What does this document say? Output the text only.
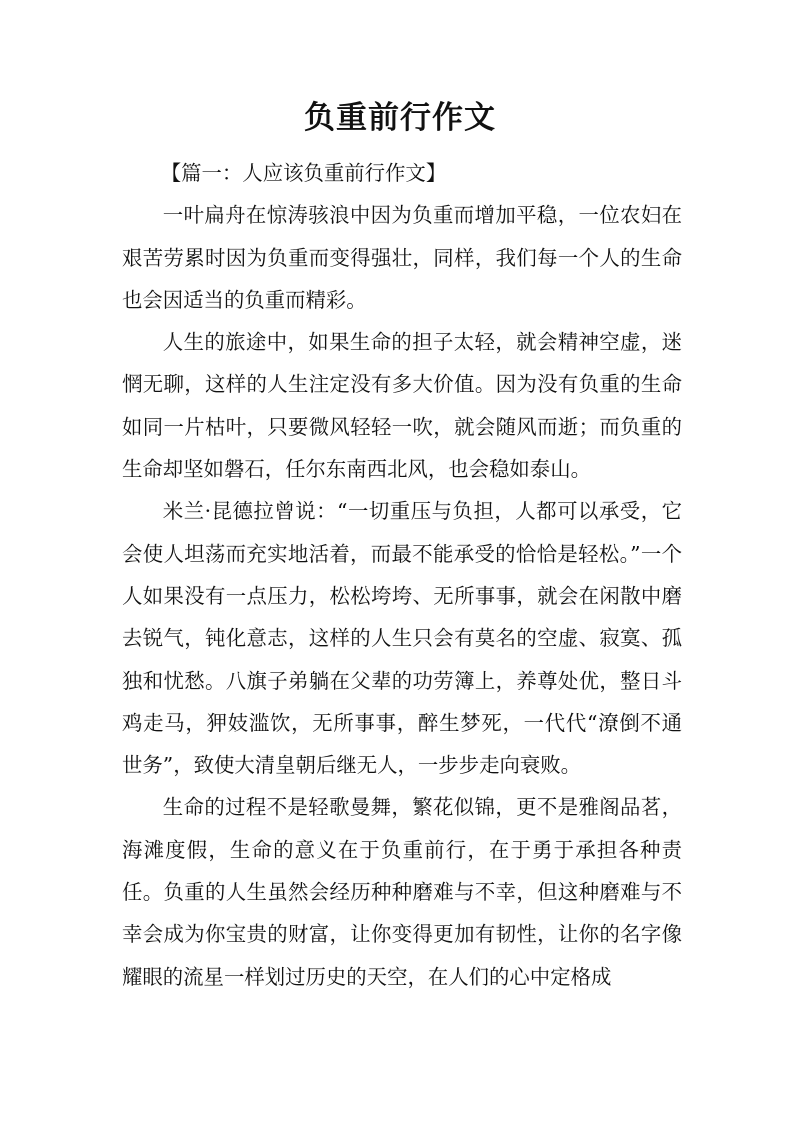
负重前行作文

【篇一：人应该负重前行作文】

一叶扁舟在惊涛骇浪中因为负重而增加平稳，一位农妇在艰苦劳累时因为负重而变得强壮，同样，我们每一个人的生命也会因适当的负重而精彩。

人生的旅途中，如果生命的担子太轻，就会精神空虚，迷惘无聊，这样的人生注定没有多大价值。因为没有负重的生命如同一片枯叶，只要微风轻轻一吹，就会随风而逝；而负重的生命却坚如磐石，任尔东南西北风，也会稳如泰山。

米兰·昆德拉曾说：“一切重压与负担，人都可以承受，它会使人坦荡而充实地活着，而最不能承受的恰恰是轻松。”一个人如果没有一点压力，松松垮垮、无所事事，就会在闲散中磨去锐气，钝化意志，这样的人生只会有莫名的空虚、寂寞、孤独和忧愁。八旗子弟躺在父辈的功劳簿上，养尊处优，整日斗鸡走马，狎妓滥饮，无所事事，醉生梦死，一代代“潦倒不通世务”，致使大清皇朝后继无人，一步步走向衰败。

生命的过程不是轻歌曼舞，繁花似锦，更不是雅阁品茗，海滩度假，生命的意义在于负重前行，在于勇于承担各种责任。负重的人生虽然会经历种种磨难与不幸，但这种磨难与不幸会成为你宝贵的财富，让你变得更加有韧性，让你的名字像耀眼的流星一样划过历史的天空，在人们的心中定格成
